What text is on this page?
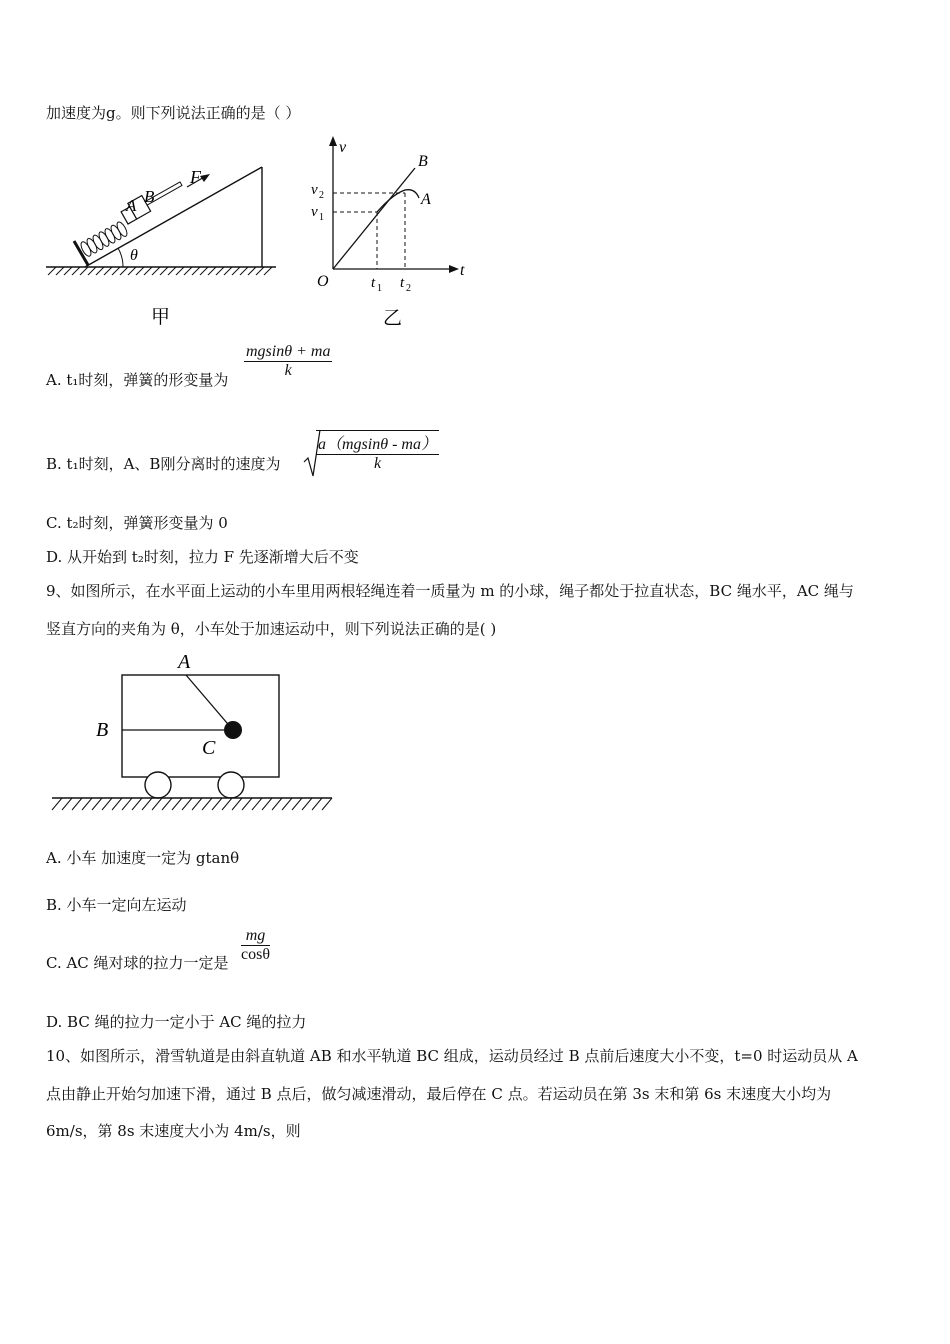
加速度为g。则下列说法正确的是（ ）
F
A B
θ
甲
v
t
O
B
A
v 2
v 1
t 1 t 2
乙
A. t₁时刻，弹簧的形变量为 $\frac{mgsin\theta + ma}{k}$
B. t₁时刻，A、B刚分离时的速度为 $\frac{a(mgsin\theta - ma)}{k}$
C. t₂时刻，弹簧形变量为 0
D. 从开始到 t₂时刻，拉力 F 先逐渐增大后不变
9、如图所示，在水平面上运动的小车里用两根轻绳连着一质量为 m 的小球，绳子都处于拉直状态，BC 绳水平，AC 绳与
竖直方向的夹角为 θ，小车处于加速运动中，则下列说法正确的是( )
A
B
C
A. 小车 加速度一定为 gtanθ
B. 小车一定向左运动
C. AC 绳对球的拉力一定是 $\frac{mg}{\cos\theta}$
D. BC 绳的拉力一定小于 AC 绳的拉力
10、如图所示，滑雪轨道是由斜直轨道 AB 和水平轨道 BC 组成，运动员经过 B 点前后速度大小不变，t=0 时运动员从 A
点由静止开始匀加速下滑，通过 B 点后，做匀减速滑动，最后停在 C 点。若运动员在第 3s 末和第 6s 末速度大小均为
6m/s，第 8s 末速度大小为 4m/s，则
